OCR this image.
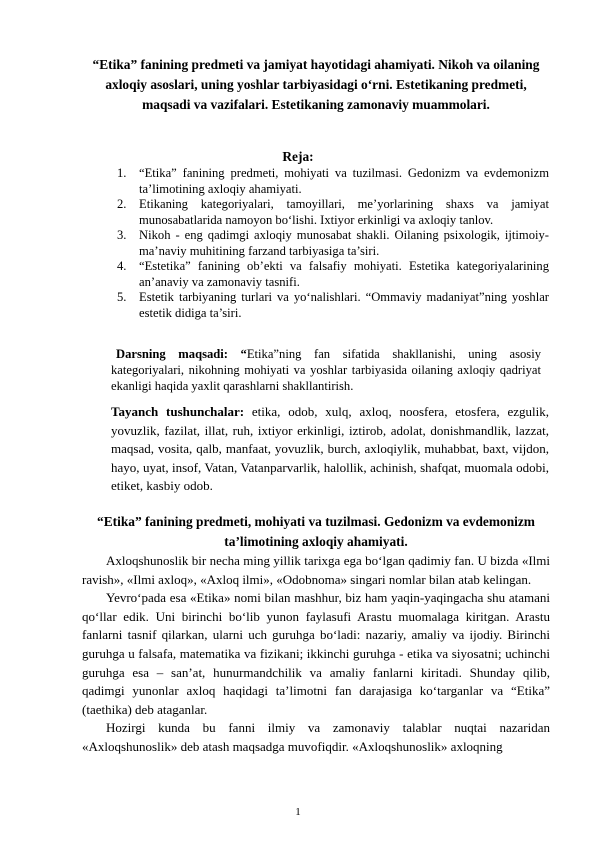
“Etika” fanining predmeti va jamiyat hayotidagi ahamiyati. Nikoh va oilaning axloqiy asoslari, uning yoshlar tarbiyasidagi o‘rni. Estetikaning predmeti, maqsadi va vazifalari. Estetikaning zamonaviy muammolari.
Reja:
1. “Etika” fanining predmeti, mohiyati va tuzilmasi. Gedonizm va evdemonizm ta’limotining axloqiy ahamiyati.
2. Etikaning kategoriyalari, tamoyillari, me’yorlarining shaxs va jamiyat munosabatlarida namoyon bo‘lishi. Ixtiyor erkinligi va axloqiy tanlov.
3. Nikoh - eng qadimgi axloqiy munosabat shakli. Oilaning psixologik, ijtimoiy-ma’naviy muhitining farzand tarbiyasiga ta’siri.
4. “Estetika” fanining ob’ekti va falsafiy mohiyati. Estetika kategoriyalarining an’anaviy va zamonaviy tasnifi.
5. Estetik tarbiyaning turlari va yo‘nalishlari. “Ommaviy madaniyat”ning yoshlar estetik didiga ta’siri.
Darsning maqsadi: “Etika”ning fan sifatida shakllanishi, uning asosiy kategoriyalari, nikohning mohiyati va yoshlar tarbiyasida oilaning axloqiy qadriyat ekanligi haqida yaxlit qarashlarni shakllantirish.
Tayanch tushunchalar: etika, odob, xulq, axloq, noosfera, etosfera, ezgulik, yovuzlik, fazilat, illat, ruh, ixtiyor erkinligi, iztirob, adolat, donishmandlik, lazzat, maqsad, vosita, qalb, manfaat, yovuzlik, burch, axloqiylik, muhabbat, baxt, vijdon, hayo, uyat, insof, Vatan, Vatanparvarlik, halollik, achinish, shafqat, muomala odobi, etiket, kasbiy odob.
“Etika” fanining predmeti, mohiyati va tuzilmasi. Gedonizm va evdemonizm ta’limotining axloqiy ahamiyati.

Axloqshunoslik bir necha ming yillik tarixga ega bo‘lgan qadimiy fan. U bizda «Ilmi ravish», «Ilmi axloq», «Axloq ilmi», «Odobnoma» singari nomlar bilan atab kelingan.

Yevro‘pada esa «Etika» nomi bilan mashhur, biz ham yaqin-yaqingacha shu atamani qo‘llar edik. Uni birinchi bo‘lib yunon faylasufi Arastu muomalaga kiritgan. Arastu fanlarni tasnif qilarkan, ularni uch guruhga bo‘ladi: nazariy, amaliy va ijodiy. Birinchi guruhga u falsafa, matematika va fizikani; ikkinchi guruhga - etika va siyosatni; uchinchi guruhga esa – san’at, hunurmandchilik va amaliy fanlarni kiritadi. Shunday qilib, qadimgi yunonlar axloq haqidagi ta’limotni fan darajasiga ko‘targanlar va “Etika” (taethika) deb ataganlar.

Hozirgi kunda bu fanni ilmiy va zamonaviy talablar nuqtai nazaridan «Axloqshunoslik» deb atash maqsadga muvofiqdir. «Axloqshunoslik» axloqning

1
